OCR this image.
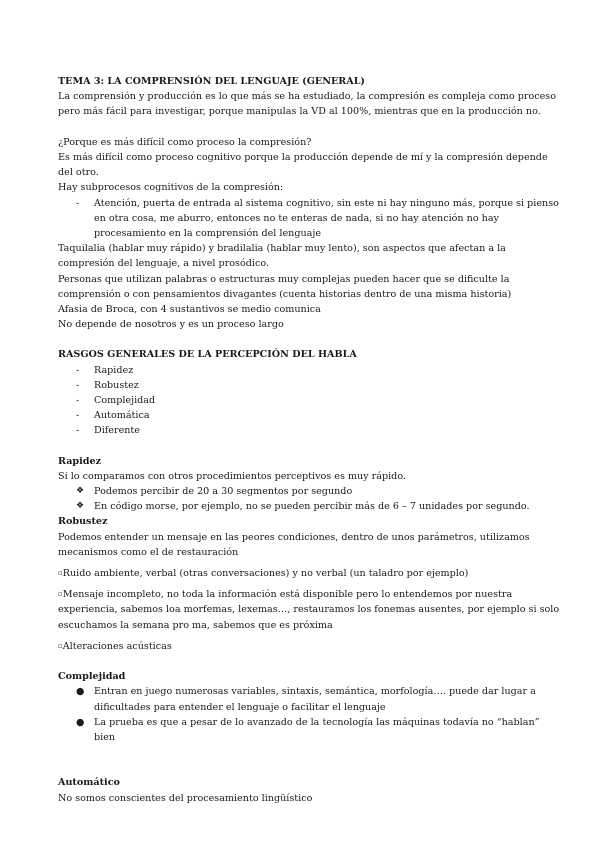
TEMA 3: LA COMPRENSIÓN DEL LENGUAJE (GENERAL)

La comprensión y producción es lo que más se ha estudiado, la compresión es compleja como proceso pero más fácil para investigar, porque manipulas la VD al 100%, mientras que en la producción no.

¿Porque es más difícil como proceso la compresión?

Es más difícil como proceso cognitivo porque la producción depende de mí y la compresión depende del otro.

Hay subprocesos cognitivos de la compresión:

- Atención, puerta de entrada al sistema cognitivo, sin este ni hay ninguno más, porque si pienso en otra cosa, me aburro, entonces no te enteras de nada, si no hay atención no hay procesamiento en la comprensión del lenguaje

Taquilalia (hablar muy rápido) y bradilalia (hablar muy lento), son aspectos que afectan a la compresión del lenguaje, a nivel prosódico.

Personas que utilizan palabras o estructuras muy complejas pueden hacer que se dificulte la comprensión o con pensamientos divagantes (cuenta historias dentro de una misma historia)

Afasia de Broca, con 4 sustantivos se medio comunica

No depende de nosotros y es un proceso largo

RASGOS GENERALES DE LA PERCEPCIÓN DEL HABLA

- Rapidez
- Robustez
- Complejidad
- Automática
- Diferente

Rapidez

Si lo comparamos con otros procedimientos perceptivos es muy rápido.

❖ Podemos percibir de 20 a 30 segmentos por segundo
❖ En código morse, por ejemplo, no se pueden percibir más de 6 – 7 unidades por segundo.

Robustez

Podemos entender un mensaje en las peores condiciones, dentro de unos parámetros, utilizamos mecanismos como el de restauración

▫Ruido ambiente, verbal (otras conversaciones) y no verbal (un taladro por ejemplo)

▫Mensaje incompleto, no toda la información está disponible pero lo entendemos por nuestra experiencia, sabemos loa morfemas, lexemas…, restauramos los fonemas ausentes, por ejemplo si solo escuchamos la semana pro ma, sabemos que es próxima

▫Alteraciones acústicas

Complejidad

● Entran en juego numerosas variables, sintaxis, semántica, morfología…. puede dar lugar a dificultades para entender el lenguaje o facilitar el lenguaje
● La prueba es que a pesar de lo avanzado de la tecnología las máquinas todavía no “hablan” bien

Automático

No somos conscientes del procesamiento lingüístico
